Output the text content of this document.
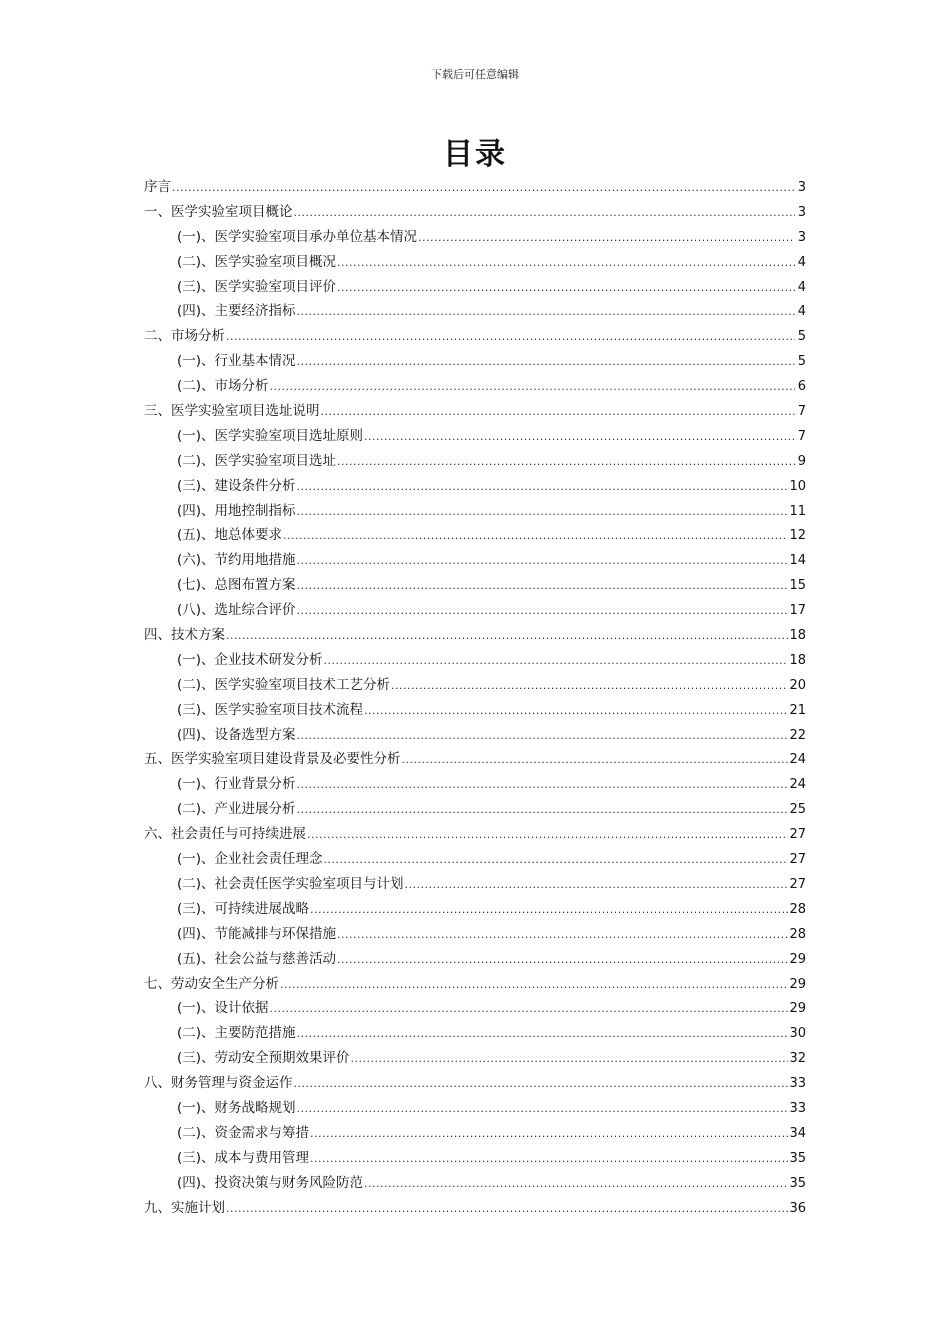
下载后可任意编辑
目录
序言 .....	3
一、医学实验室项目概论 .....	3
(一)、医学实验室项目承办单位基本情况 .....	3
(二)、医学实验室项目概况 .....	4
(三)、医学实验室项目评价 .....	4
(四)、主要经济指标 .....	4
二、市场分析 .....	5
(一)、行业基本情况 .....	5
(二)、市场分析 .....	6
三、医学实验室项目选址说明 .....	7
(一)、医学实验室项目选址原则 .....	7
(二)、医学实验室项目选址 .....	9
(三)、建设条件分析 .....	10
(四)、用地控制指标 .....	11
(五)、地总体要求 .....	12
(六)、节约用地措施 .....	14
(七)、总图布置方案 .....	15
(八)、选址综合评价 .....	17
四、技术方案 .....	18
(一)、企业技术研发分析 .....	18
(二)、医学实验室项目技术工艺分析 .....	20
(三)、医学实验室项目技术流程 .....	21
(四)、设备选型方案 .....	22
五、医学实验室项目建设背景及必要性分析 .....	24
(一)、行业背景分析 .....	24
(二)、产业进展分析 .....	25
六、社会责任与可持续进展 .....	27
(一)、企业社会责任理念 .....	27
(二)、社会责任医学实验室项目与计划 .....	27
(三)、可持续进展战略 .....	28
(四)、节能减排与环保措施 .....	28
(五)、社会公益与慈善活动 .....	29
七、劳动安全生产分析 .....	29
(一)、设计依据 .....	29
(二)、主要防范措施 .....	30
(三)、劳动安全预期效果评价 .....	32
八、财务管理与资金运作 .....	33
(一)、财务战略规划 .....	33
(二)、资金需求与筹措 .....	34
(三)、成本与费用管理 .....	35
(四)、投资决策与财务风险防范 .....	35
九、实施计划 .....	36
